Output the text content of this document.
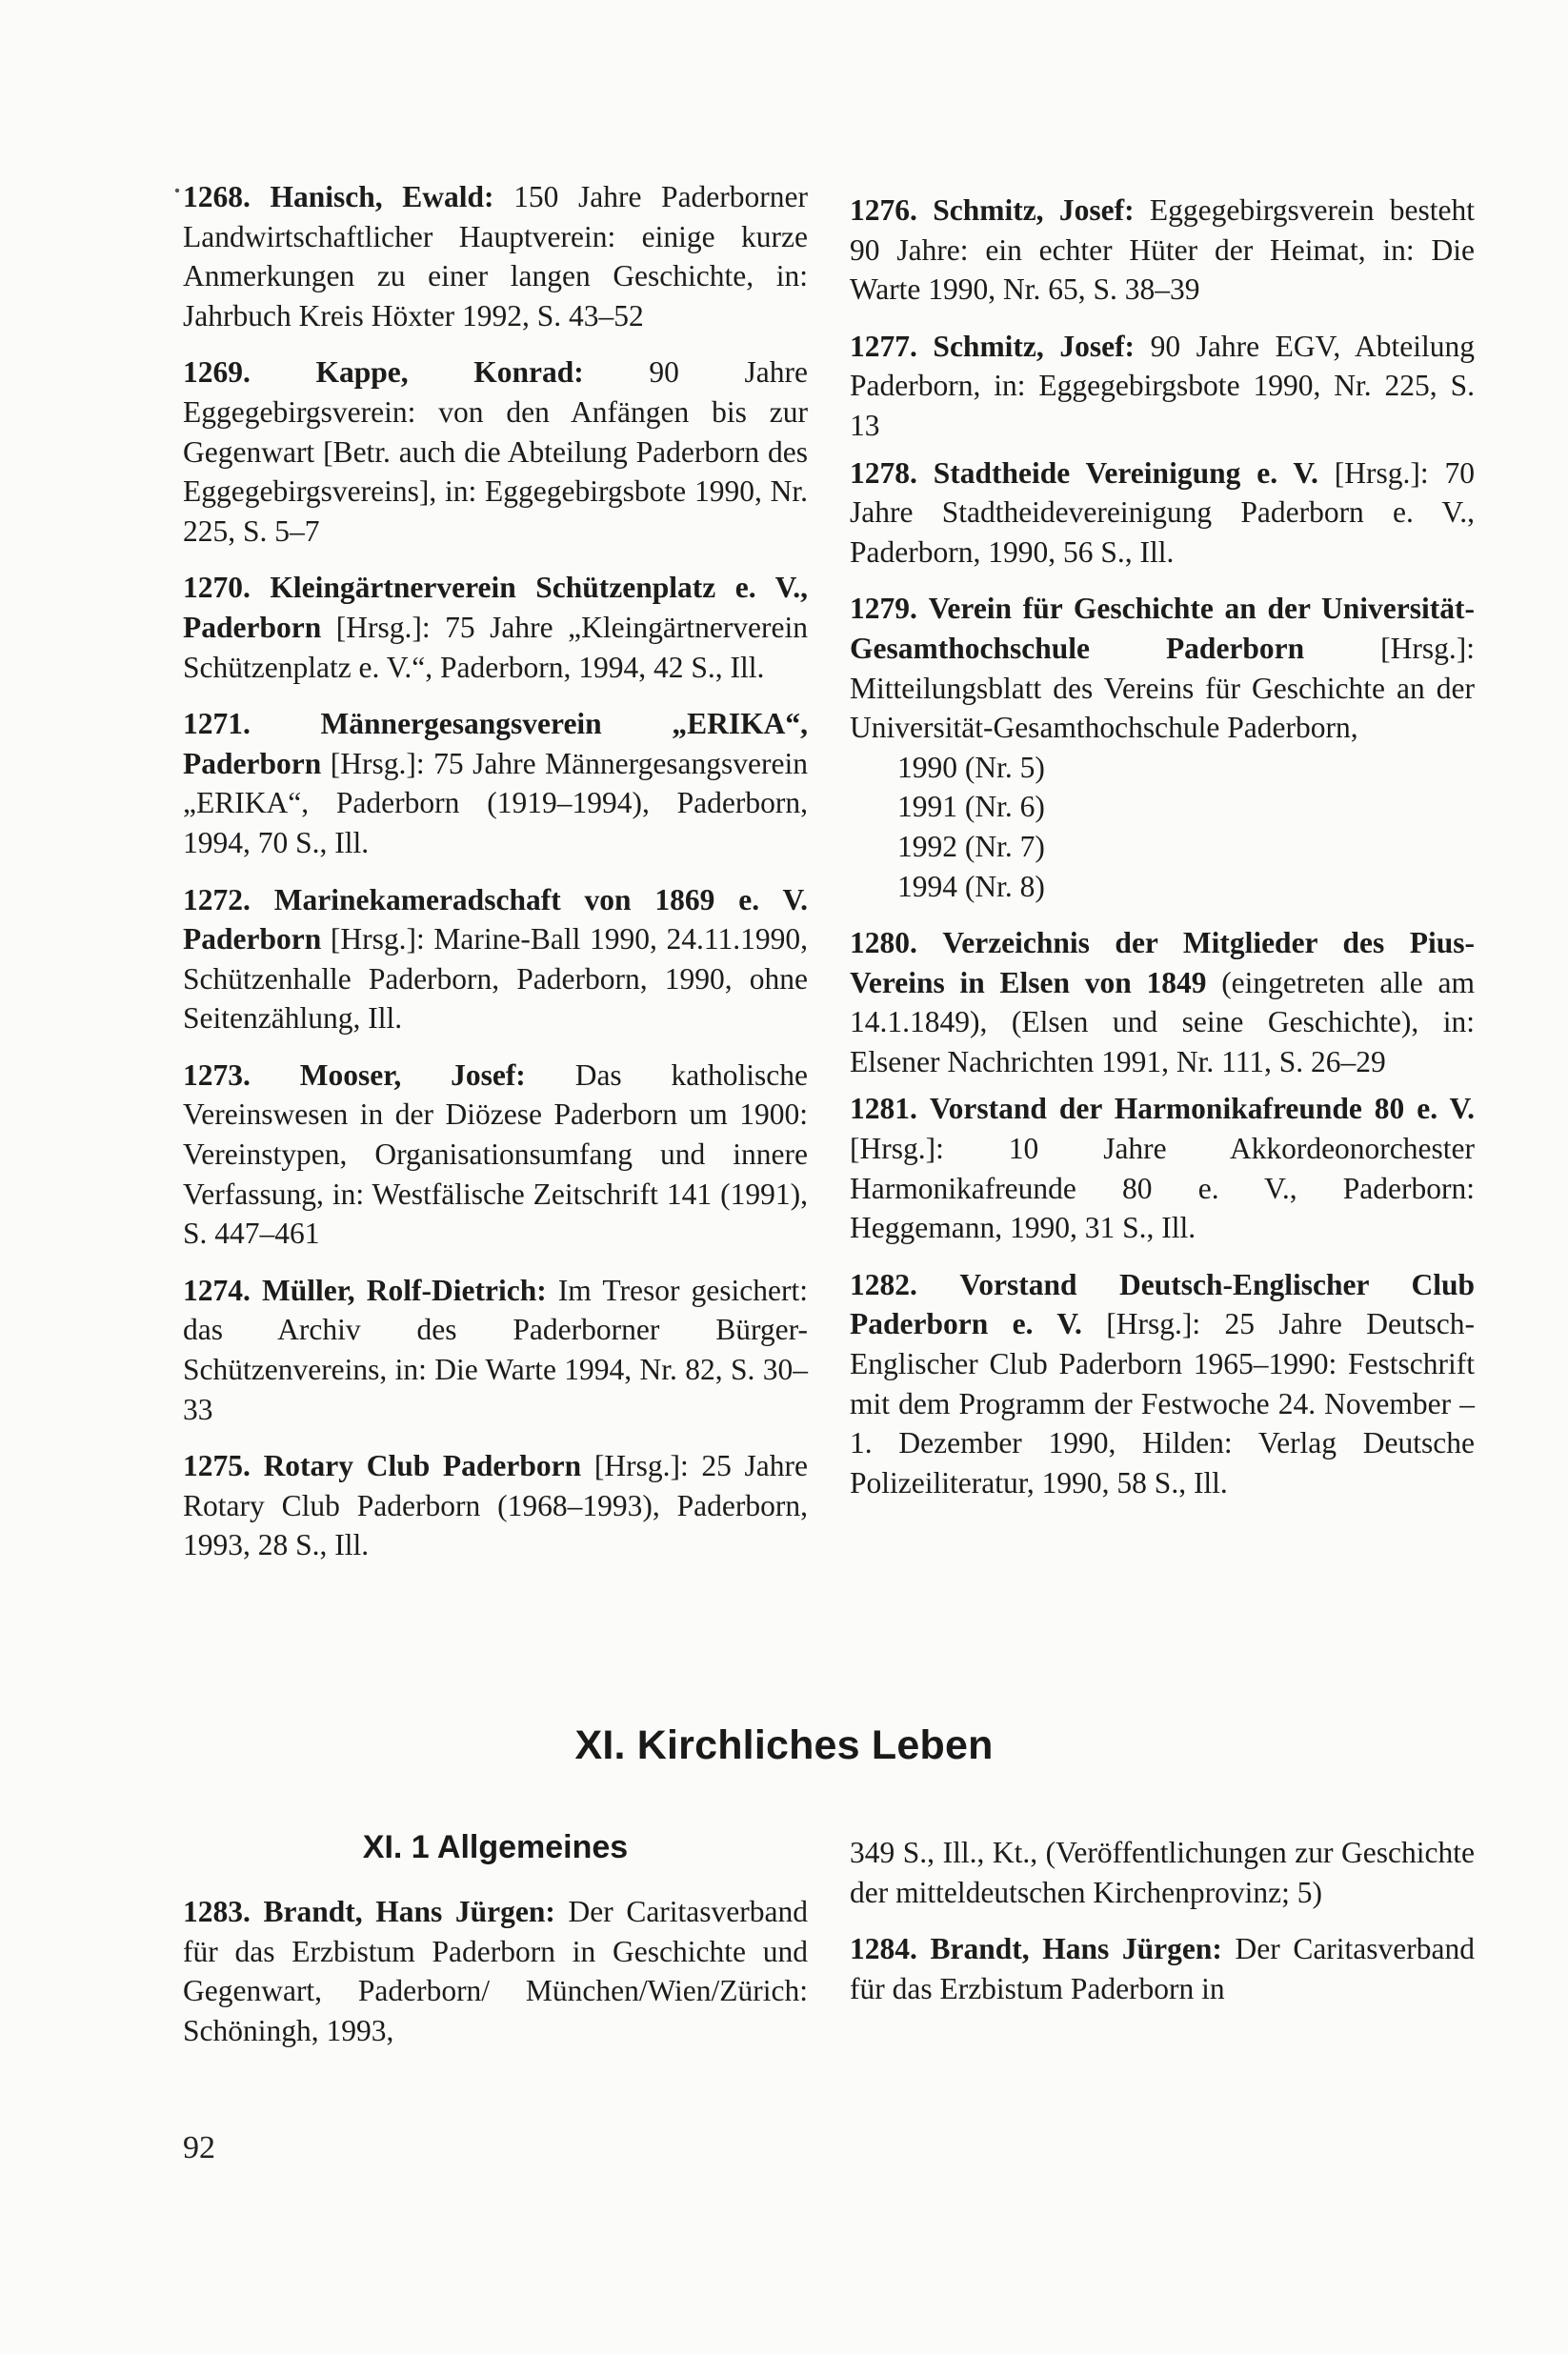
1268. Hanisch, Ewald: 150 Jahre Paderborner Landwirtschaftlicher Hauptverein: einige kurze Anmerkungen zu einer langen Geschichte, in: Jahrbuch Kreis Höxter 1992, S. 43–52

1269. Kappe, Konrad: 90 Jahre Eggegebirgsverein: von den Anfängen bis zur Gegenwart [Betr. auch die Abteilung Paderborn des Eggegebirgsvereins], in: Eggegebirgsbote 1990, Nr. 225, S. 5–7

1270. Kleingärtnerverein Schützenplatz e. V., Paderborn [Hrsg.]: 75 Jahre „Kleingärtnerverein Schützenplatz e. V.“, Paderborn, 1994, 42 S., Ill.

1271. Männergesangsverein „ERIKA“, Paderborn [Hrsg.]: 75 Jahre Männergesangsverein „ERIKA“, Paderborn (1919–1994), Paderborn, 1994, 70 S., Ill.

1272. Marinekameradschaft von 1869 e. V. Paderborn [Hrsg.]: Marine-Ball 1990, 24.11.1990, Schützenhalle Paderborn, Paderborn, 1990, ohne Seitenzählung, Ill.

1273. Mooser, Josef: Das katholische Vereinswesen in der Diözese Paderborn um 1900: Vereinstypen, Organisationsumfang und innere Verfassung, in: Westfälische Zeitschrift 141 (1991), S. 447–461

1274. Müller, Rolf-Dietrich: Im Tresor gesichert: das Archiv des Paderborner Bürger-Schützenvereins, in: Die Warte 1994, Nr. 82, S. 30–33

1275. Rotary Club Paderborn [Hrsg.]: 25 Jahre Rotary Club Paderborn (1968–1993), Paderborn, 1993, 28 S., Ill.

1276. Schmitz, Josef: Eggegebirgsverein besteht 90 Jahre: ein echter Hüter der Heimat, in: Die Warte 1990, Nr. 65, S. 38–39

1277. Schmitz, Josef: 90 Jahre EGV, Abteilung Paderborn, in: Eggegebirgsbote 1990, Nr. 225, S. 13

1278. Stadtheide Vereinigung e. V. [Hrsg.]: 70 Jahre Stadtheidevereinigung Paderborn e. V., Paderborn, 1990, 56 S., Ill.

1279. Verein für Geschichte an der Universität-Gesamthochschule Paderborn [Hrsg.]: Mitteilungsblatt des Vereins für Geschichte an der Universität-Gesamthochschule Paderborn,

1990 (Nr. 5)
1991 (Nr. 6)
1992 (Nr. 7)
1994 (Nr. 8)

1280. Verzeichnis der Mitglieder des Pius-Vereins in Elsen von 1849 (eingetreten alle am 14.1.1849), (Elsen und seine Geschichte), in: Elsener Nachrichten 1991, Nr. 111, S. 26–29

1281. Vorstand der Harmonikafreunde 80 e. V. [Hrsg.]: 10 Jahre Akkordeonorchester Harmonikafreunde 80 e. V., Paderborn: Heggemann, 1990, 31 S., Ill.

1282. Vorstand Deutsch-Englischer Club Paderborn e. V. [Hrsg.]: 25 Jahre Deutsch-Englischer Club Paderborn 1965–1990: Festschrift mit dem Programm der Festwoche 24. November – 1. Dezember 1990, Hilden: Verlag Deutsche Polizeiliteratur, 1990, 58 S., Ill.

XI. Kirchliches Leben
XI. 1 Allgemeines

1283. Brandt, Hans Jürgen: Der Caritasverband für das Erzbistum Paderborn in Geschichte und Gegenwart, Paderborn/ München/Wien/Zürich: Schöningh, 1993,

349 S., Ill., Kt., (Veröffentlichungen zur Geschichte der mitteldeutschen Kirchenprovinz; 5)

1284. Brandt, Hans Jürgen: Der Caritasverband für das Erzbistum Paderborn in

92
